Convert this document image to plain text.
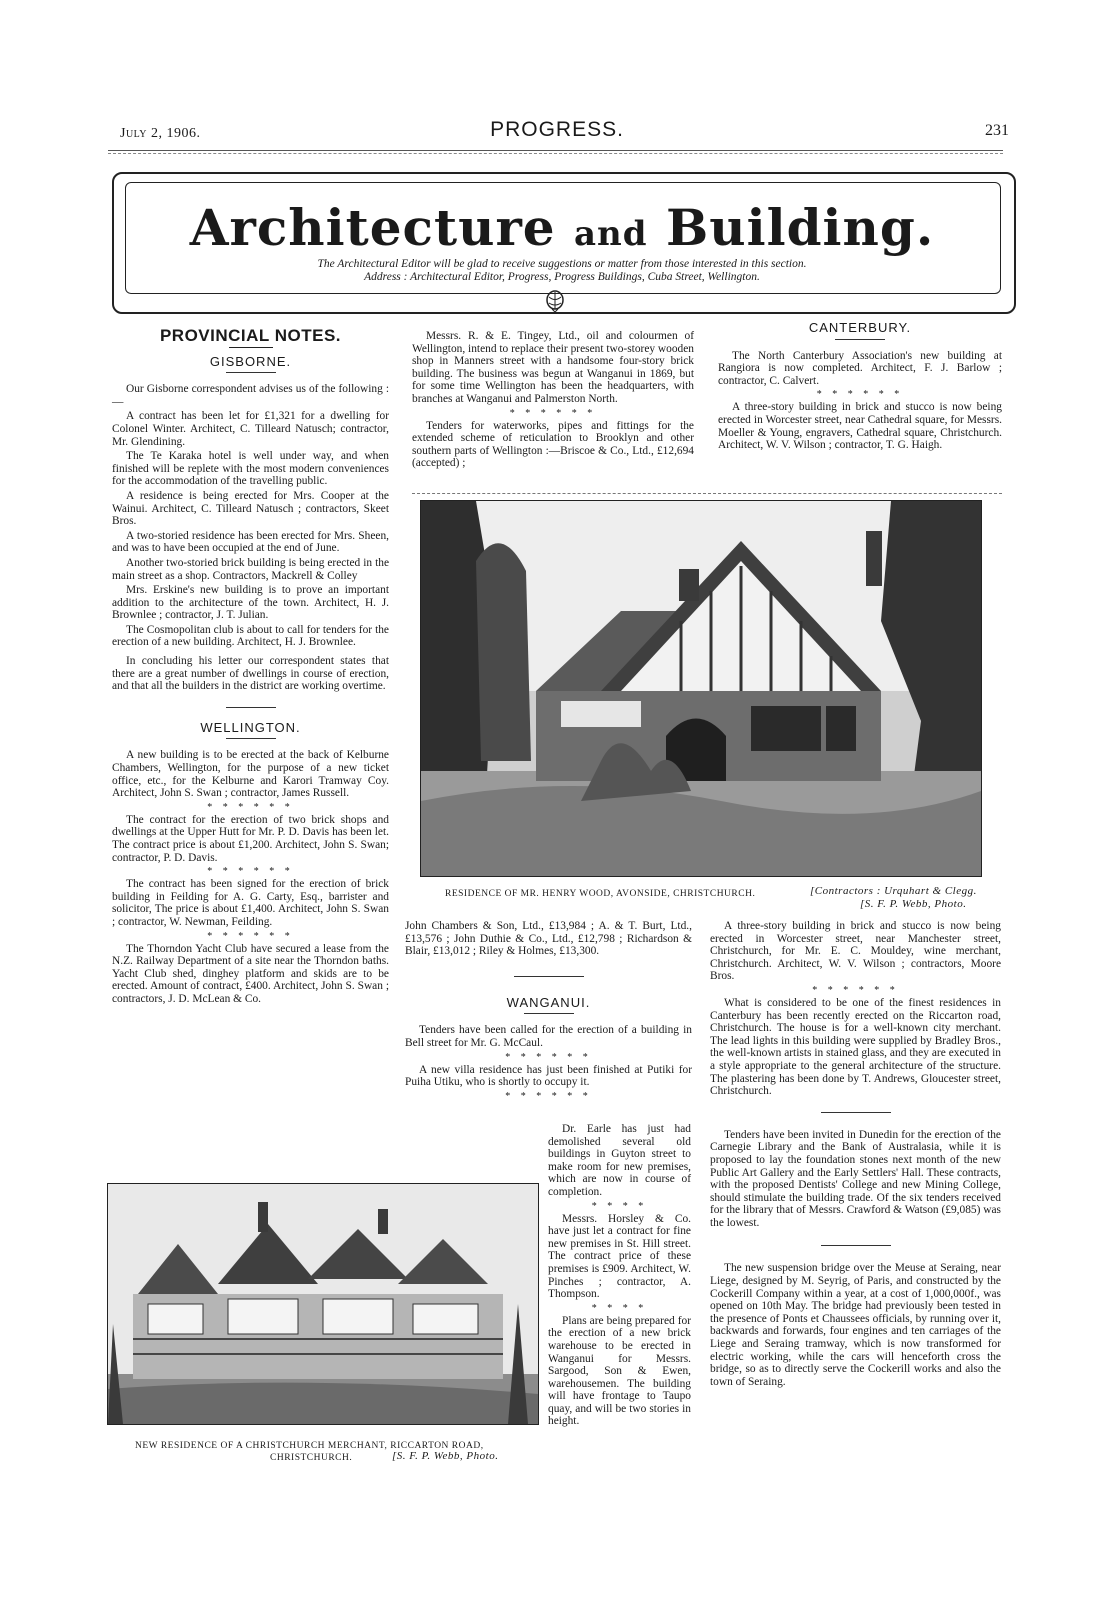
July 2, 1906.	PROGRESS.	231
Architecture and Building.
The Architectural Editor will be glad to receive suggestions or matter from those interested in this section.
Address : Architectural Editor, Progress, Progress Buildings, Cuba Street, Wellington.
PROVINCIAL NOTES.
GISBORNE.

Our Gisborne correspondent advises us of the following :—

A contract has been let for £1,321 for a dwelling for Colonel Winter. Architect, C. Tilleard Natusch; contractor, Mr. Glendining.

The Te Karaka hotel is well under way, and when finished will be replete with the most modern conveniences for the accommodation of the travelling public.

A residence is being erected for Mrs. Cooper at the Wainui. Architect, C. Tilleard Natusch ; contractors, Skeet Bros.

A two-storied residence has been erected for Mrs. Sheen, and was to have been occupied at the end of June.

Another two-storied brick building is being erected in the main street as a shop. Contractors, Mackrell & Colley

Mrs. Erskine's new building is to prove an important addition to the architecture of the town. Architect, H. J. Brownlee ; contractor, J. T. Julian.

The Cosmopolitan club is about to call for tenders for the erection of a new building. Architect, H. J. Brownlee.

In concluding his letter our correspondent states that there are a great number of dwellings in course of erection, and that all the builders in the district are working overtime.

WELLINGTON.

A new building is to be erected at the back of Kelburne Chambers, Wellington, for the purpose of a new ticket office, etc., for the Kelburne and Karori Tramway Coy. Architect, John S. Swan ; contractor, James Russell.

* * * * * *

The contract for the erection of two brick shops and dwellings at the Upper Hutt for Mr. P. D. Davis has been let. The contract price is about £1,200. Architect, John S. Swan; contractor, P. D. Davis.

* * * * * *

The contract has been signed for the erection of brick building in Feilding for A. G. Carty, Esq., barrister and solicitor, The price is about £1,400. Architect, John S. Swan ; contractor, W. Newman, Feilding.

* * * * * *

The Thorndon Yacht Club have secured a lease from the N.Z. Railway Department of a site near the Thorndon baths. Yacht Club shed, dinghey platform and skids are to be erected. Amount of contract, £400. Architect, John S. Swan ; contractors, J. D. McLean & Co.

Messrs. R. & E. Tingey, Ltd., oil and colourmen of Wellington, intend to replace their present two-storey wooden shop in Manners street with a handsome four-story brick building. The business was begun at Wanganui in 1869, but for some time Wellington has been the headquarters, with branches at Wanganui and Palmerston North.

* * * * * *

Tenders for waterworks, pipes and fittings for the extended scheme of reticulation to Brooklyn and other southern parts of Wellington :—Briscoe & Co., Ltd., £12,694 (accepted) ;

CANTERBURY.

The North Canterbury Association's new building at Rangiora is now completed. Architect, F. J. Barlow ; contractor, C. Calvert.

* * * * * *

A three-story building in brick and stucco is now being erected in Worcester street, near Cathedral square, for Messrs. Moeller & Young, engravers, Cathedral square, Christchurch. Architect, W. V. Wilson ; contractor, T. G. Haigh.

RESIDENCE OF MR. HENRY WOOD, AVONSIDE, CHRISTCHURCH.	[Contractors : Urquhart & Clegg.
[S. F. P. Webb, Photo.

John Chambers & Son, Ltd., £13,984 ; A. & T. Burt, Ltd., £13,576 ; John Duthie & Co., Ltd., £12,798 ; Richardson & Blair, £13,012 ; Riley & Holmes, £13,300.

WANGANUI.

Tenders have been called for the erection of a building in Bell street for Mr. G. McCaul.

* * * * * *

A new villa residence has just been finished at Putiki for Puiha Utiku, who is shortly to occupy it.

* * * * * *

Dr. Earle has just had demolished several old buildings in Guyton street to make room for new premises, which are now in course of completion.

* * * *

Messrs. Horsley & Co. have just let a contract for fine new premises in St. Hill street. The contract price of these premises is £909. Architect, W. Pinches ; contractor, A. Thompson.

* * * *

Plans are being prepared for the erection of a new brick warehouse to be erected in Wanganui for Messrs. Sargood, Son & Ewen, warehousemen. The building will have frontage to Taupo quay, and will be two stories in height.

NEW RESIDENCE OF A CHRISTCHURCH MERCHANT, RICCARTON ROAD,
CHRISTCHURCH.	[S. F. P. Webb, Photo.

A three-story building in brick and stucco is now being erected in Worcester street, near Manchester street, Christchurch, for Mr. E. C. Mouldey, wine merchant, Christchurch. Architect, W. V. Wilson ; contractors, Moore Bros.

* * * * * *

What is considered to be one of the finest residences in Canterbury has been recently erected on the Riccarton road, Christchurch. The house is for a well-known city merchant. The lead lights in this building were supplied by Bradley Bros., the well-known artists in stained glass, and they are executed in a style appropriate to the general architecture of the structure. The plastering has been done by T. Andrews, Gloucester street, Christchurch.

Tenders have been invited in Dunedin for the erection of the Carnegie Library and the Bank of Australasia, while it is proposed to lay the foundation stones next month of the new Public Art Gallery and the Early Settlers' Hall. These contracts, with the proposed Dentists' College and new Mining College, should stimulate the building trade. Of the six tenders received for the library that of Messrs. Crawford & Watson (£9,085) was the lowest.

The new suspension bridge over the Meuse at Seraing, near Liege, designed by M. Seyrig, of Paris, and constructed by the Cockerill Company within a year, at a cost of 1,000,000f., was opened on 10th May. The bridge had previously been tested in the presence of Ponts et Chaussees officials, by running over it, backwards and forwards, four engines and ten carriages of the Liege and Seraing tramway, which is now transformed for electric working, while the cars will henceforth cross the bridge, so as to directly serve the Cockerill works and also the town of Seraing.
